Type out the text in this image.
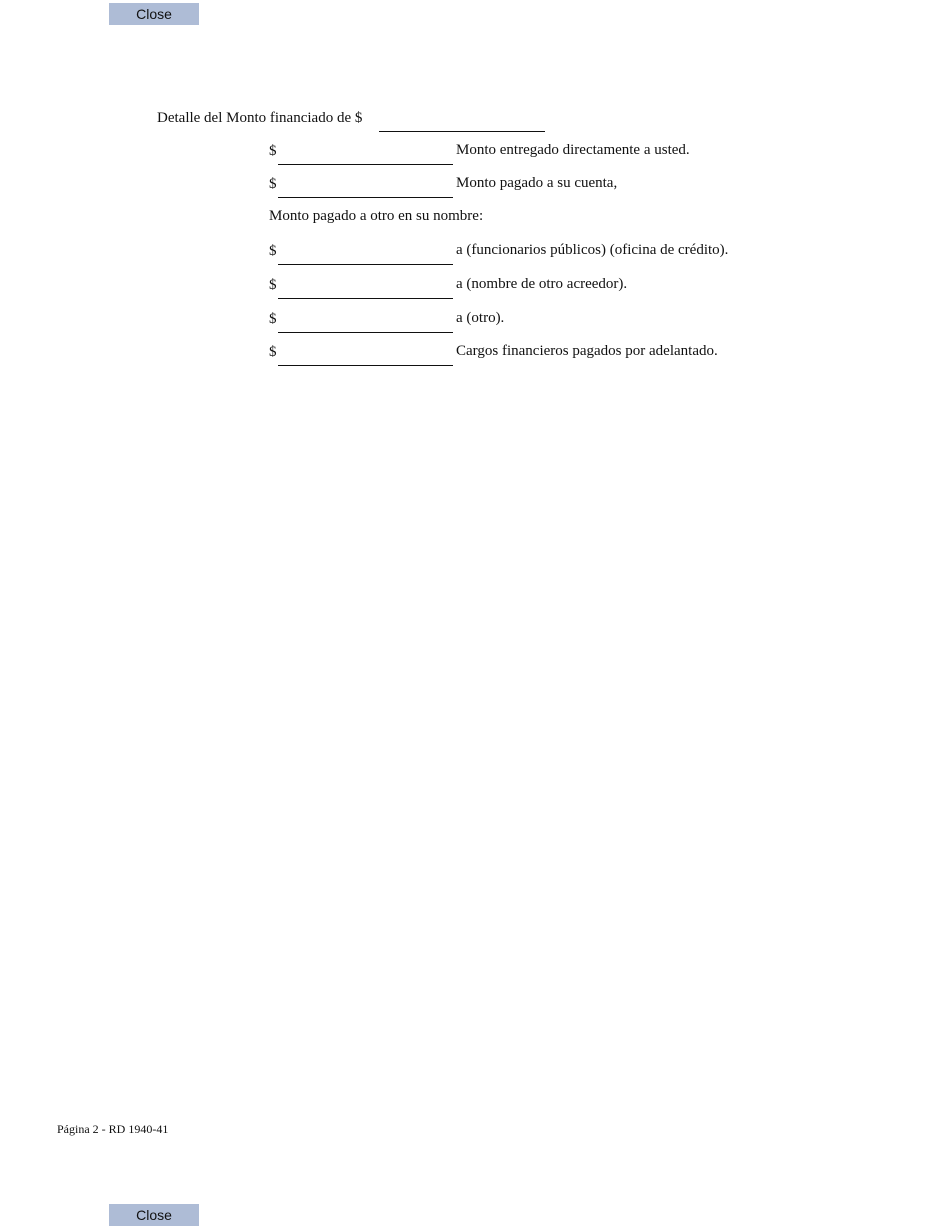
Close
Detalle del Monto financiado de $
$	Monto entregado directamente a usted.
$	Monto pagado a su cuenta,
Monto pagado a otro en su nombre:
$	a (funcionarios públicos) (oficina de crédito).
$	a (nombre de otro acreedor).
$	a (otro).
$	Cargos financieros pagados por adelantado.
Página 2 - RD 1940-41
Close
